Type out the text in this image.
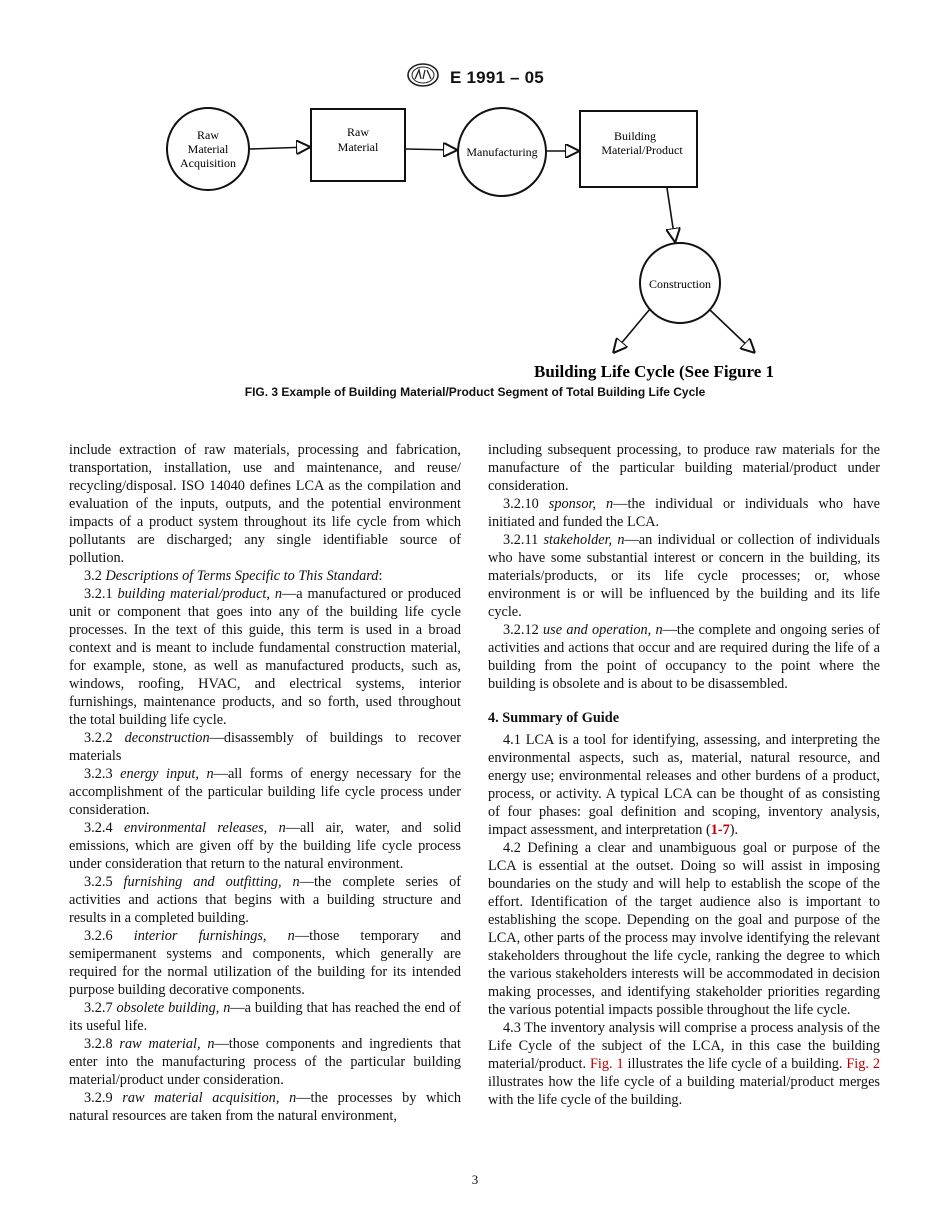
E 1991 – 05
Raw
Material
Acquisition
Raw
Material	Manufacturing
Building
Material/Product
Construction
Building Life Cycle (See Figure 1
FIG. 3 Example of Building Material/Product Segment of Total Building Life Cycle

include extraction of raw materials, processing and fabrication, transportation, installation, use and maintenance, and reuse/ recycling/disposal. ISO 14040 defines LCA as the compilation and evaluation of the inputs, outputs, and the potential environment impacts of a product system throughout its life cycle from which pollutants are discharged; any single identifiable source of pollution.

3.2 Descriptions of Terms Specific to This Standard:

3.2.1 building material/product, n—a manufactured or produced unit or component that goes into any of the building life cycle processes. In the text of this guide, this term is used in a broad context and is meant to include fundamental construction material, for example, stone, as well as manufactured products, such as, windows, roofing, HVAC, and electrical systems, interior furnishings, maintenance products, and so forth, used throughout the total building life cycle.

3.2.2 deconstruction—disassembly of buildings to recover materials

3.2.3 energy input, n—all forms of energy necessary for the accomplishment of the particular building life cycle process under consideration.

3.2.4 environmental releases, n—all air, water, and solid emissions, which are given off by the building life cycle process under consideration that return to the natural environment.

3.2.5 furnishing and outfitting, n—the complete series of activities and actions that begins with a building structure and results in a completed building.

3.2.6 interior furnishings, n—those temporary and semipermanent systems and components, which generally are required for the normal utilization of the building for its intended purpose building decorative components.

3.2.7 obsolete building, n—a building that has reached the end of its useful life.

3.2.8 raw material, n—those components and ingredients that enter into the manufacturing process of the particular building material/product under consideration.

3.2.9 raw material acquisition, n—the processes by which natural resources are taken from the natural environment,

including subsequent processing, to produce raw materials for the manufacture of the particular building material/product under consideration.

3.2.10 sponsor, n—the individual or individuals who have initiated and funded the LCA.

3.2.11 stakeholder, n—an individual or collection of individuals who have some substantial interest or concern in the building, its materials/products, or its life cycle processes; or, whose environment is or will be influenced by the building and its life cycle.

3.2.12 use and operation, n—the complete and ongoing series of activities and actions that occur and are required during the life of a building from the point of occupancy to the point where the building is obsolete and is about to be disassembled.

4. Summary of Guide

4.1 LCA is a tool for identifying, assessing, and interpreting the environmental aspects, such as, material, natural resource, and energy use; environmental releases and other burdens of a product, process, or activity. A typical LCA can be thought of as consisting of four phases: goal definition and scoping, inventory analysis, impact assessment, and interpretation (1-7).

4.2 Defining a clear and unambiguous goal or purpose of the LCA is essential at the outset. Doing so will assist in imposing boundaries on the study and will help to establish the scope of the effort. Identification of the target audience also is important to establishing the scope. Depending on the goal and purpose of the LCA, other parts of the process may involve identifying the relevant stakeholders throughout the life cycle, ranking the degree to which the various stakeholders interests will be accommodated in decision making processes, and identifying stakeholder priorities regarding the various potential impacts possible throughout the life cycle.

4.3 The inventory analysis will comprise a process analysis of the Life Cycle of the subject of the LCA, in this case the building material/product. Fig. 1 illustrates the life cycle of a building. Fig. 2 illustrates how the life cycle of a building material/product merges with the life cycle of the building.

3
